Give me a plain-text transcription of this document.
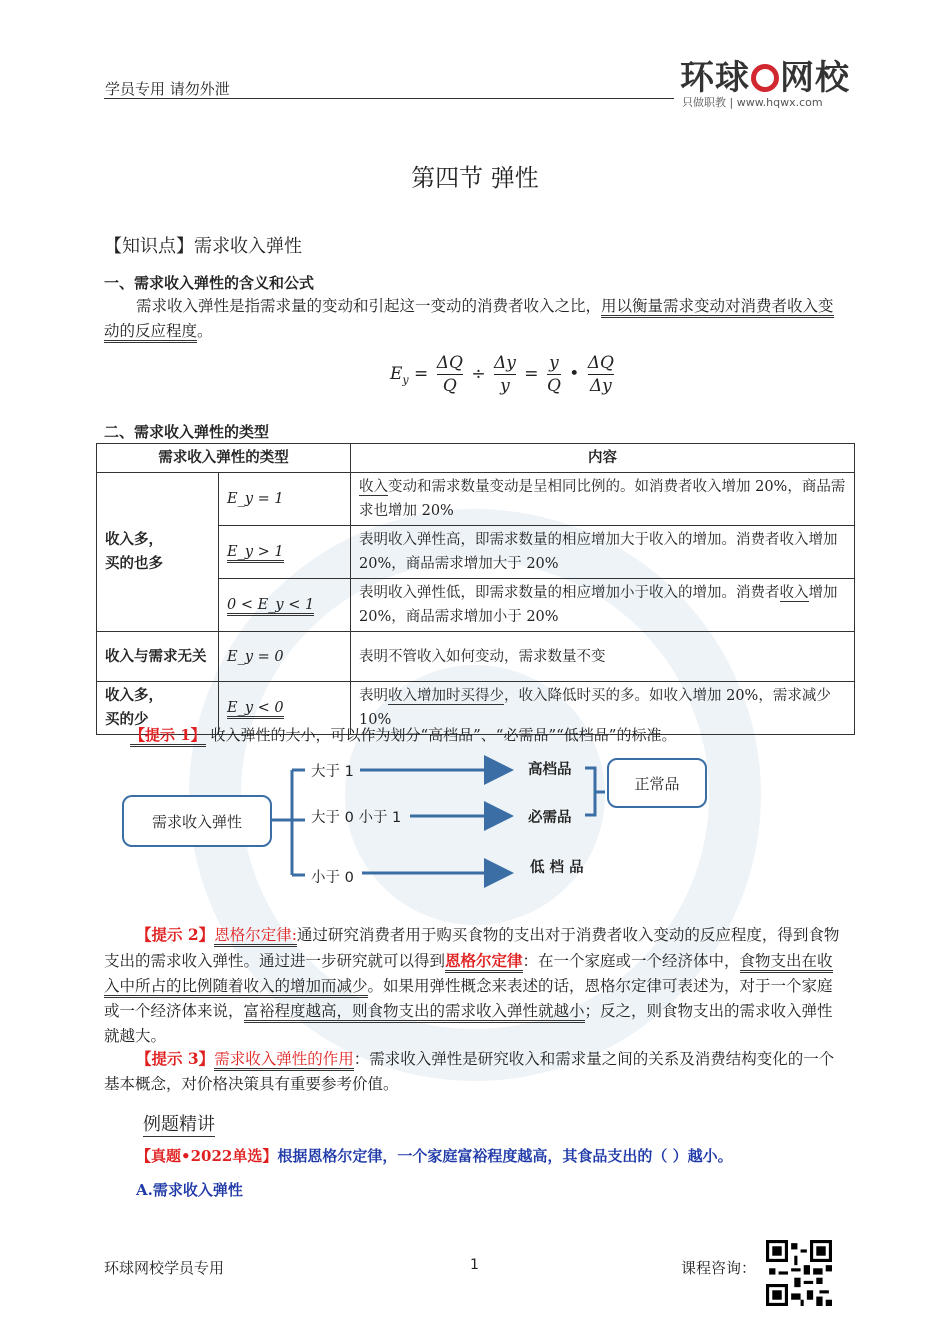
学员专用 请勿外泄	环球 网校
只做职教 | www.hqwx.com
第四节 弹性
【知识点】需求收入弹性
一、需求收入弹性的含义和公式
需求收入弹性是指需求量的变动和引起这一变动的消费者收入之比，用以衡量需求变动对消费者收入变动的反应程度。
$E_y = \frac{\Delta Q}{Q} \div \frac{\Delta y}{y} = \frac{y}{Q}$ • $\frac{\Delta Q}{\Delta y}$
二、需求收入弹性的类型
需求收入弹性的类型		内容
收入多，
买的也多	E_y = 1	收入变动和需求数量变动是呈相同比例的。如消费者收入增加 20%，商品需求也增加 20%
	E_y > 1	表明收入弹性高，即需求数量的相应增加大于收入的增加。消费者收入增加 20%，商品需求增加大于 20%
	0 < E_y < 1	表明收入弹性低，即需求数量的相应增加小于收入的增加。消费者收入增加 20%，商品需求增加小于 20%
收入与需求无关	E_y = 0	表明不管收入如何变动，需求数量不变
收入多，
买的少	E_y < 0	表明收入增加时买得少，收入降低时买的多。如收入增加 20%，需求减少 10%
【提示 1】 收入弹性的大小，可以作为划分“高档品”、“必需品”“低档品”的标准。
需求收入弹性
正常品
大于 1
大于 0 小于 1
小于 0
高档品
必需品
低 档 品
【提示 2】恩格尔定律:通过研究消费者用于购买食物的支出对于消费者收入变动的反应程度，得到食物支出的需求收入弹性。通过进一步研究就可以得到恩格尔定律：在一个家庭或一个经济体中，食物支出在收入中所占的比例随着收入的增加而减少。如果用弹性概念来表述的话，恩格尔定律可表述为，对于一个家庭或一个经济体来说，富裕程度越高，则食物支出的需求收入弹性就越小；反之，则食物支出的需求收入弹性就越大。
【提示 3】需求收入弹性的作用：需求收入弹性是研究收入和需求量之间的关系及消费结构变化的一个基本概念，对价格决策具有重要参考价值。
例题精讲
【真题•2022单选】根据恩格尔定律，一个家庭富裕程度越高，其食品支出的（ ）越小。
A.需求收入弹性
环球网校学员专用	1	课程咨询：
